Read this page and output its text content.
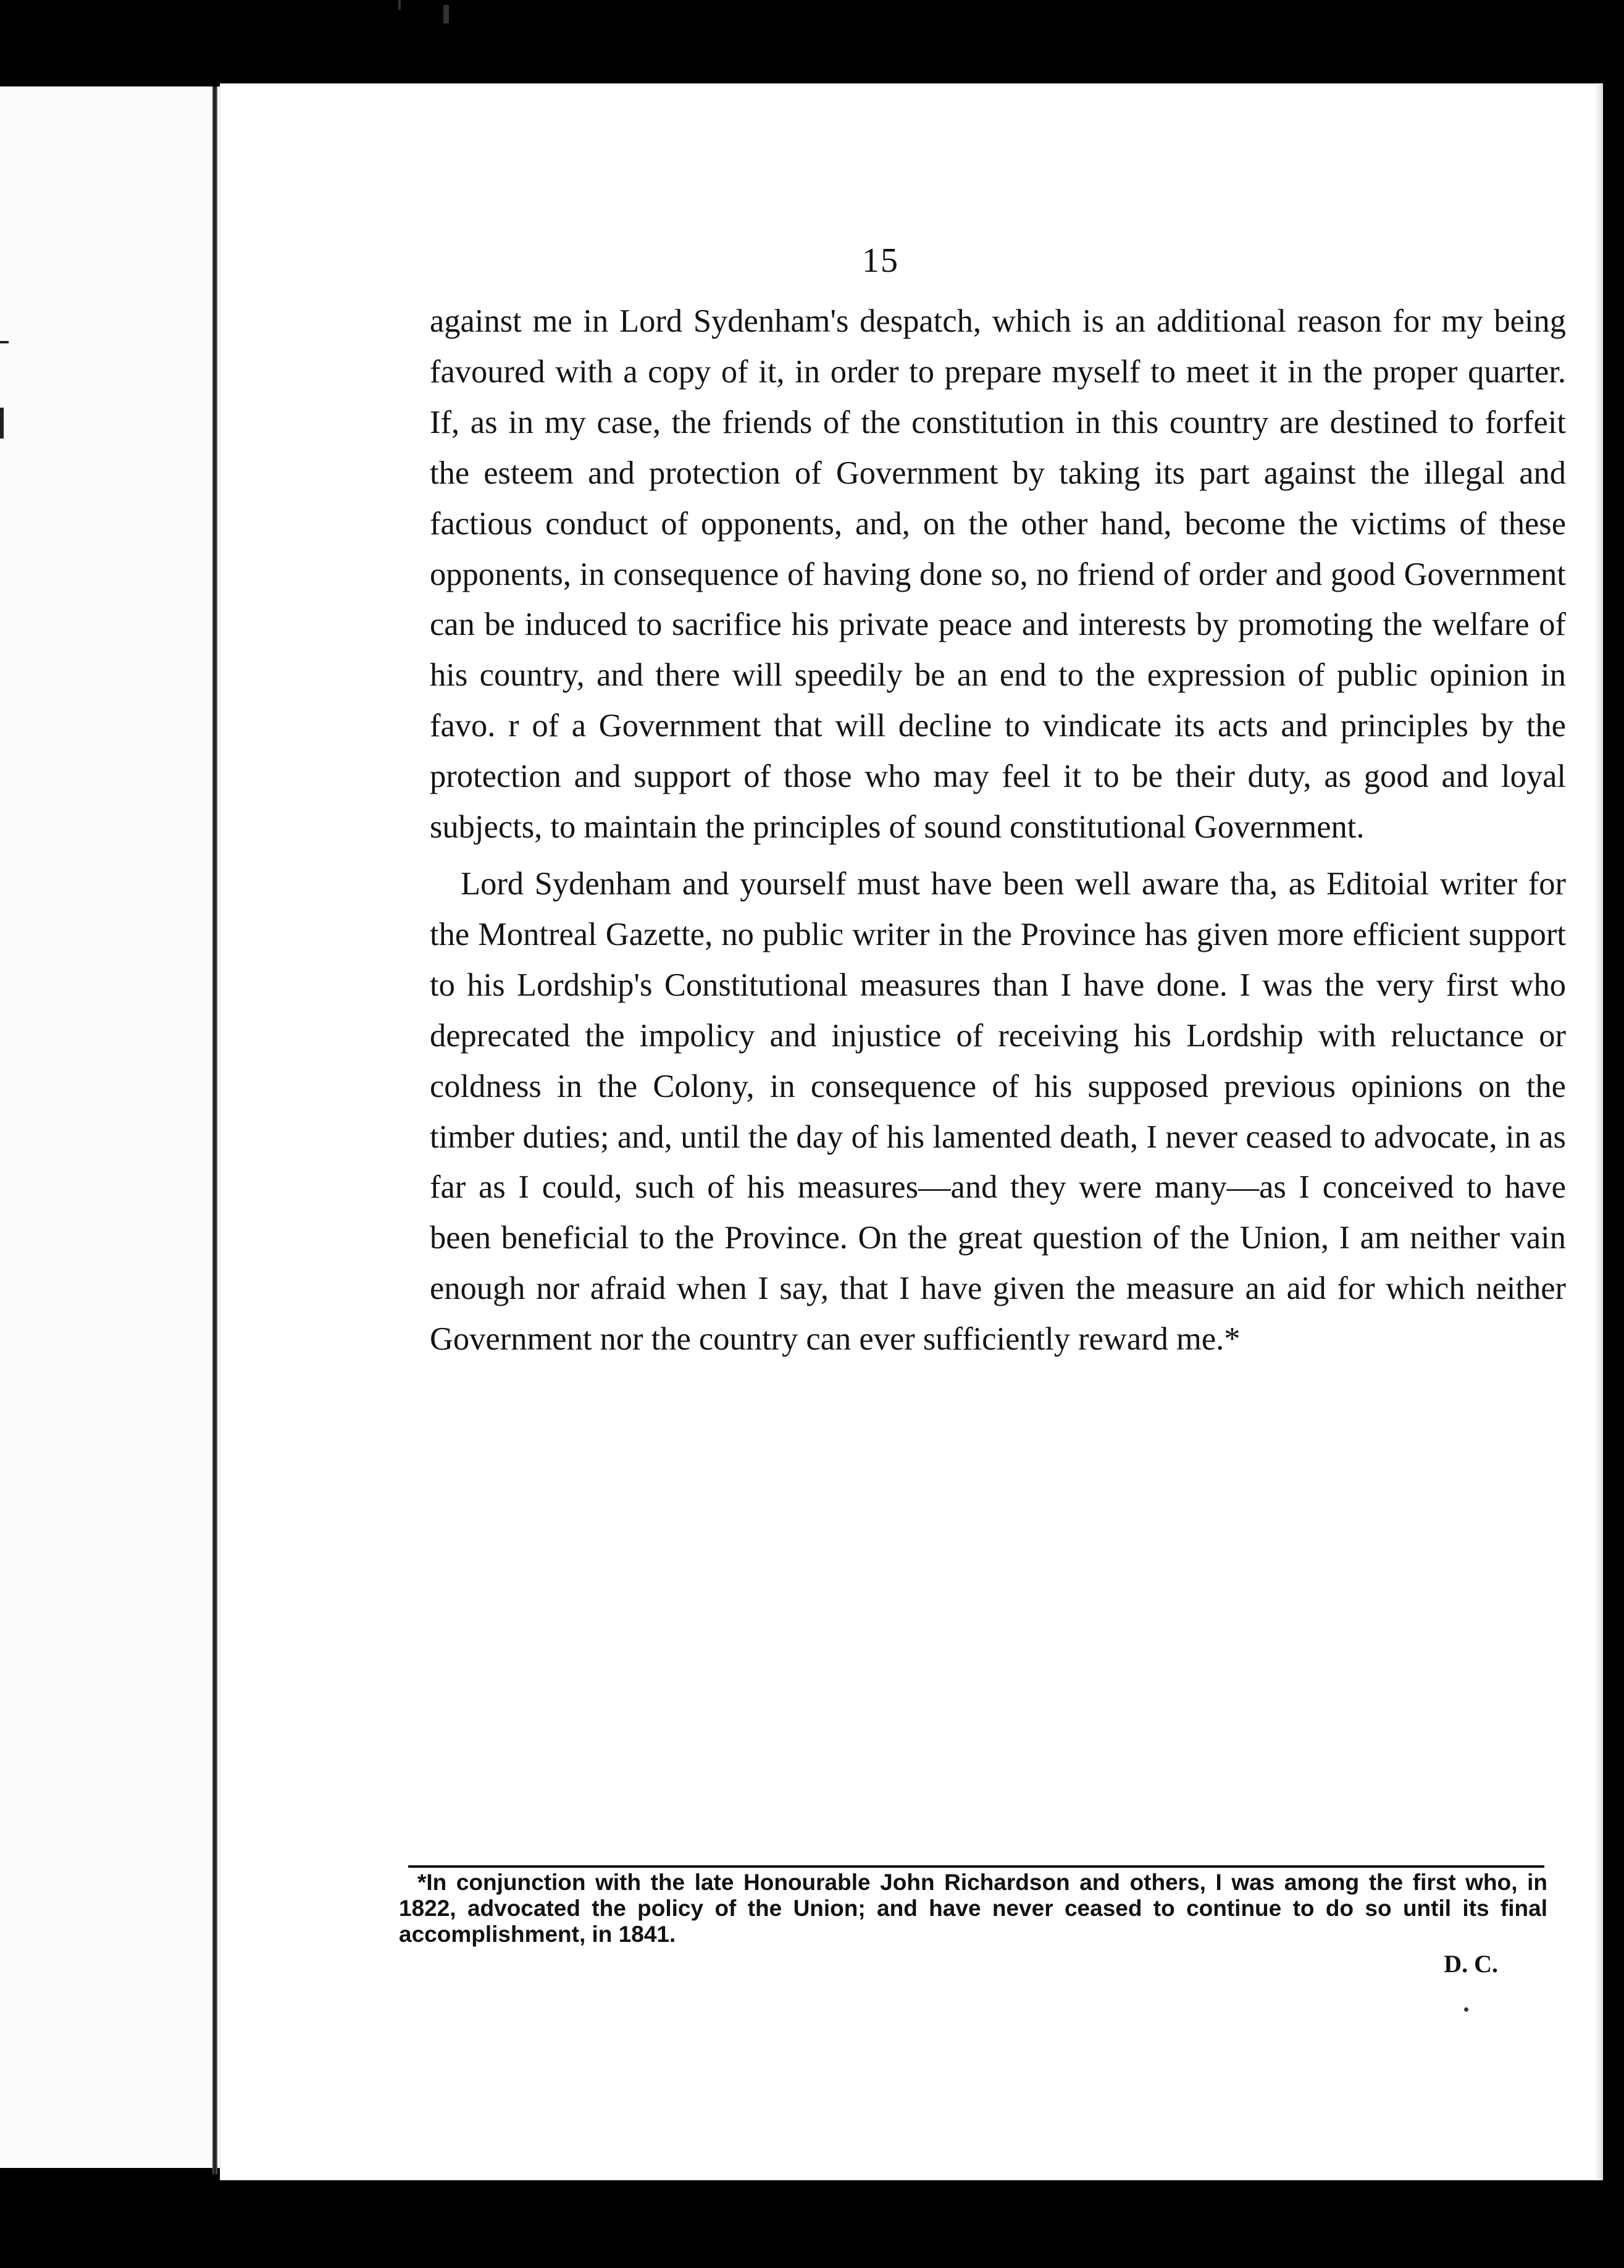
15

against me in Lord Sydenham's despatch, which is an additional reason for my being favoured with a copy of it, in order to prepare myself to meet it in the proper quarter. If, as in my case, the friends of the constitution in this country are destined to forfeit the esteem and protection of Government by taking its part against the illegal and factious conduct of opponents, and, on the other hand, become the victims of these opponents, in consequence of having done so, no friend of order and good Government can be induced to sacrifice his private peace and interests by promoting the welfare of his country, and there will speedily be an end to the expression of public opinion in favo. r of a Government that will decline to vindicate its acts and principles by the protection and support of those who may feel it to be their duty, as good and loyal subjects, to maintain the principles of sound constitutional Government.

Lord Sydenham and yourself must have been well aware tha, as Editoial writer for the Montreal Gazette, no public writer in the Province has given more efficient support to his Lordship's Constitutional measures than I have done. I was the very first who deprecated the impolicy and injustice of receiving his Lordship with reluctance or coldness in the Colony, in consequence of his supposed previous opinions on the timber duties; and, until the day of his lamented death, I never ceased to advocate, in as far as I could, such of his measures—and they were many—as I conceived to have been beneficial to the Province. On the great question of the Union, I am neither vain enough nor afraid when I say, that I have given the measure an aid for which neither Government nor the country can ever sufficiently reward me.*

*In conjunction with the late Honourable John Richardson and others, I was among the first who, in 1822, advocated the policy of the Union; and have never ceased to continue to do so until its final accomplishment, in 1841.

D. C.
